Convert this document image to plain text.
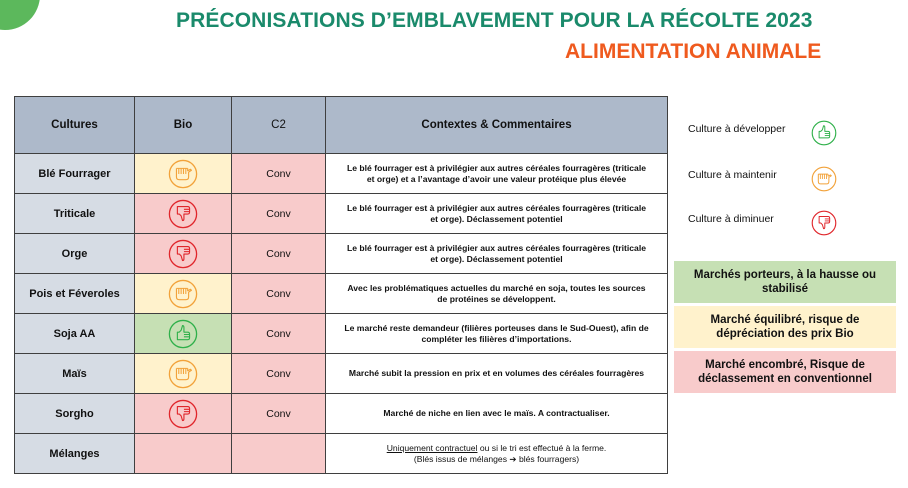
PRÉCONISATIONS D’EMBLAVEMENT POUR LA RÉCOLTE 2023
ALIMENTATION ANIMALE
Cultures	Bio	C2	Contextes & Commentaires
Blé Fourrager		Conv	Le blé fourrager est à privilégier aux autres céréales fourragères (triticale
et orge) et a l’avantage d’avoir une valeur protéique plus élevée
Triticale		Conv	Le blé fourrager est à privilégier aux autres céréales fourragères (triticale
et orge). Déclassement potentiel
Orge		Conv	Le blé fourrager est à privilégier aux autres céréales fourragères (triticale
et orge). Déclassement potentiel
Pois et Féveroles		Conv	Avec les problématiques actuelles du marché en soja, toutes les sources
de protéines se développent.
Soja AA		Conv	Le marché reste demandeur (filières porteuses dans le Sud-Ouest), afin de
compléter les filières d’importations.
Maïs		Conv	Marché subit la pression en prix et en volumes des céréales fourragères
Sorgho		Conv	Marché de niche en lien avec le maïs. A contractualiser.
Mélanges			Uniquement contractuel ou si le tri est effectué à la ferme.
(Blés issus de mélanges ➔ blés fourragers)
Culture à développer
Culture à maintenir
Culture à diminuer
Marchés porteurs, à la hausse ou
stabilisé
Marché équilibré, risque de
dépréciation des prix Bio
Marché encombré, Risque de
déclassement en conventionnel
